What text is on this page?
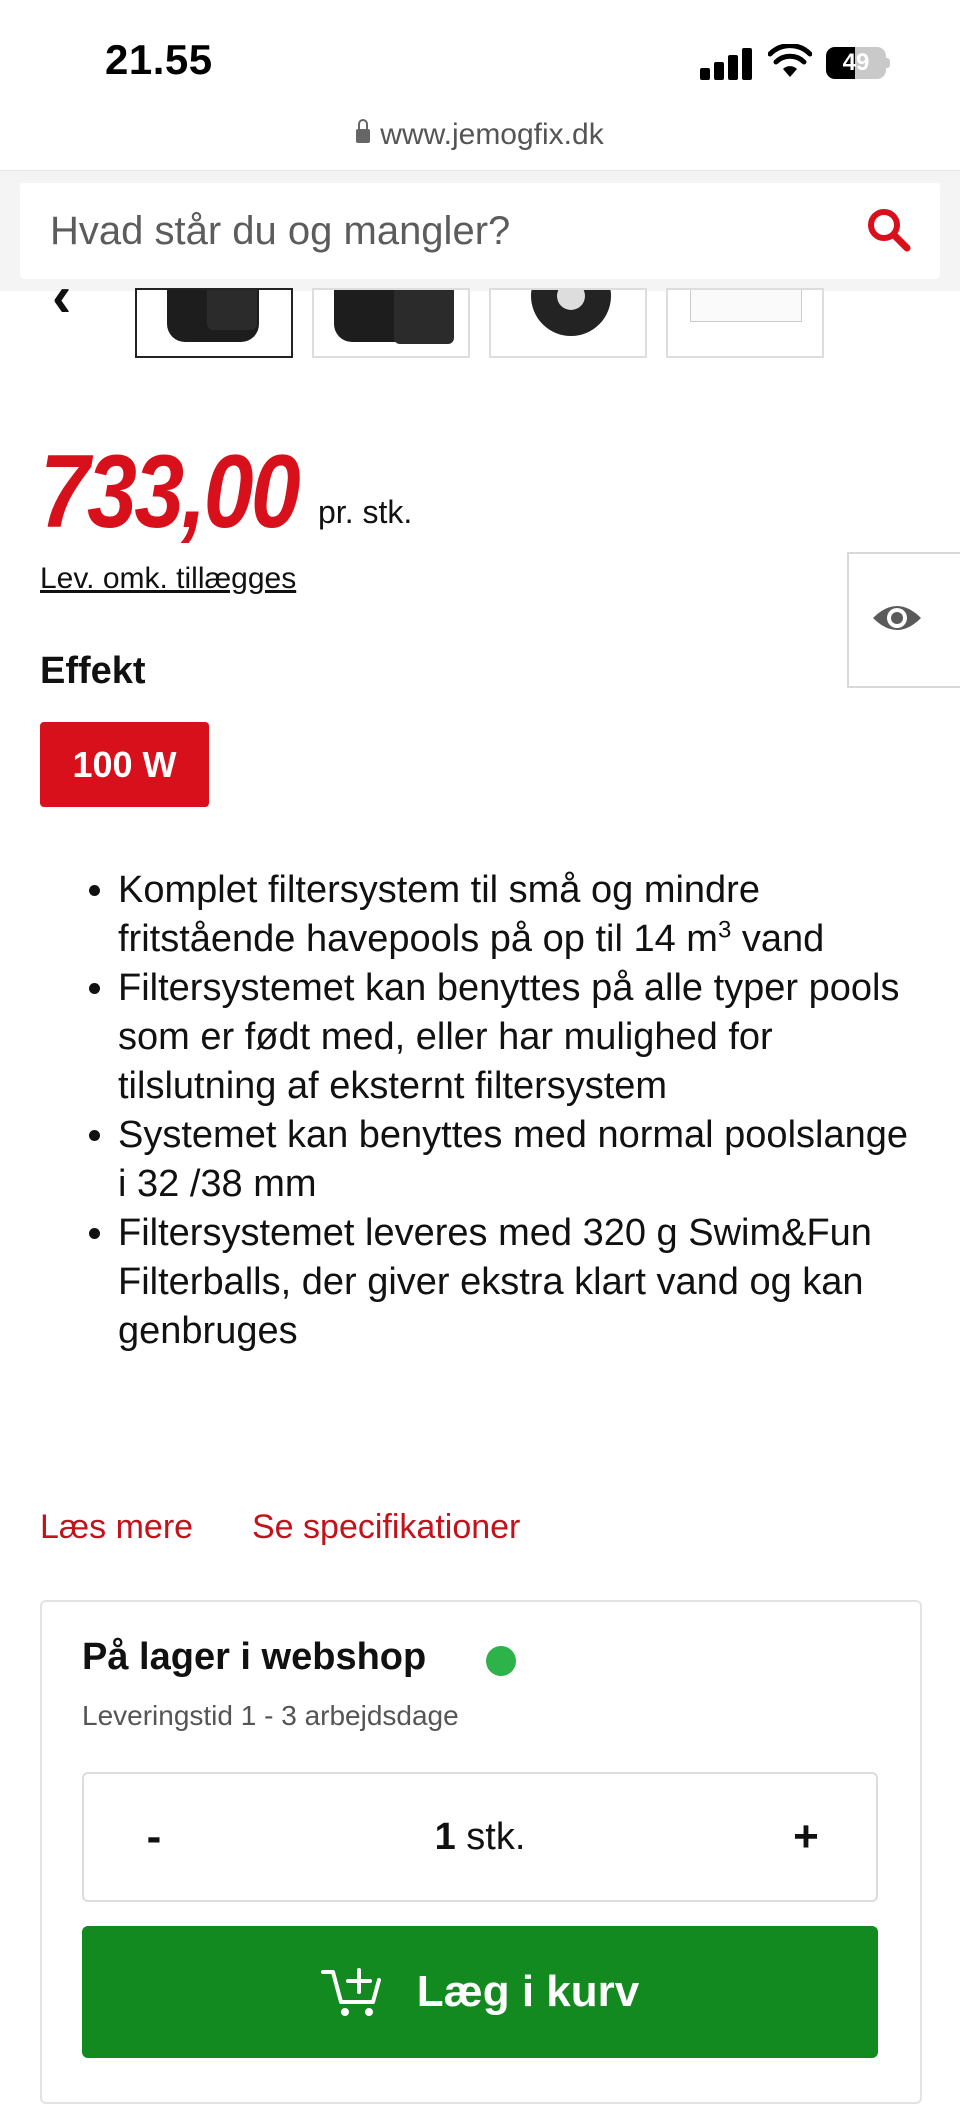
21.55	49
www.jemogfix.dk
Hvad står du og mangler?
‹
733,00 pr. stk.
Lev. omk. tillægges
Effekt
100 W
• Komplet filtersystem til små og mindre fritstående havepools på op til 14 $m^3$ vand
• Filtersystemet kan benyttes på alle typer pools som er født med, eller har mulighed for tilslutning af eksternt filtersystem
• Systemet kan benyttes med normal poolslange i 32 /38 mm
• Filtersystemet leveres med 320 g Swim&Fun Filterballs, der giver ekstra klart vand og kan genbruges
Læs mere Se specifikationer
På lager i webshop
Leveringstid 1 - 3 arbejdsdage
-	1 stk.	+
Læg i kurv
